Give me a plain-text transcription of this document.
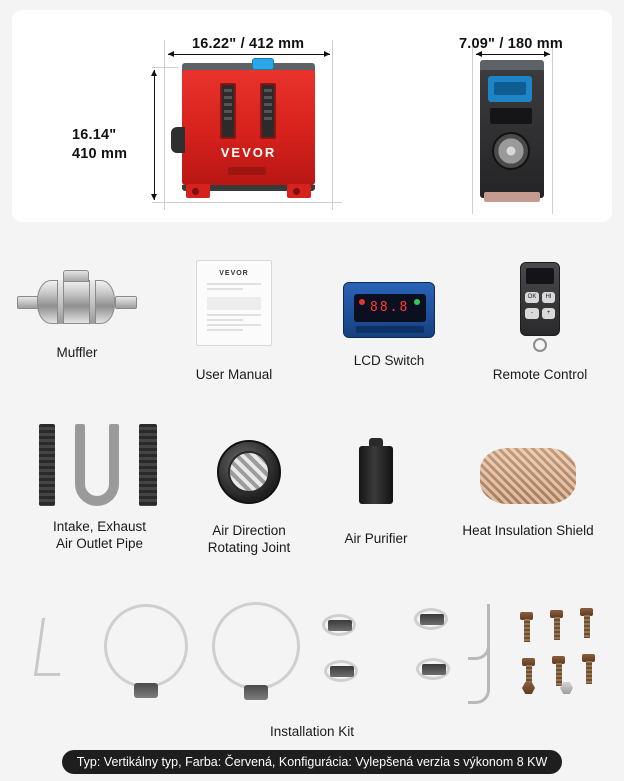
16.22" / 412 mm	7.09" / 180 mm
16.14"
410 mm	VEVOR
Muffler
VEVOR
User Manual
88.8
LCD Switch
OK	HI
-	+
Remote Control
Intake, Exhaust
Air Outlet Pipe
Air Direction
Rotating Joint
Air Purifier
Heat Insulation Shield
Installation Kit
Typ: Vertikálny typ, Farba: Červená, Konfigurácia: Vylepšená verzia s výkonom 8 KW
